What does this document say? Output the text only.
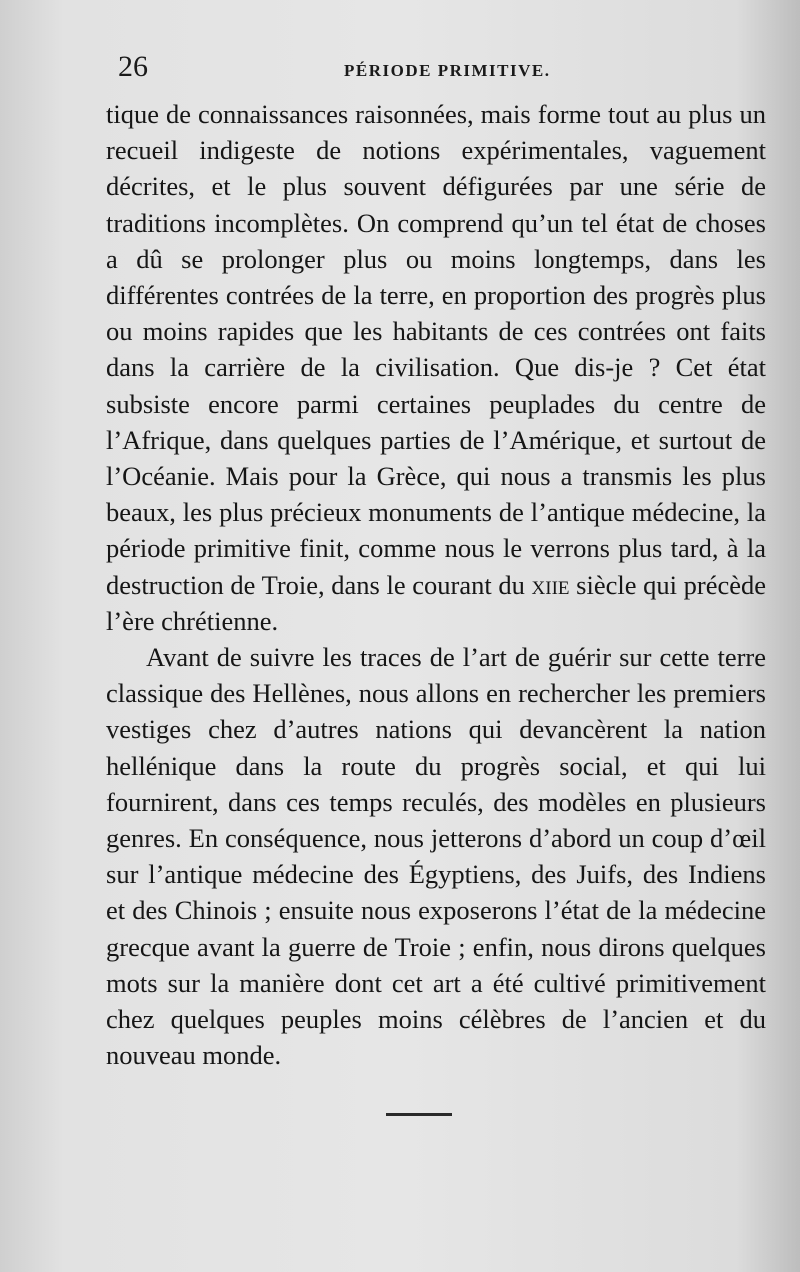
26	PÉRIODE PRIMITIVE.

tique de connaissances raisonnées, mais forme tout au plus un recueil indigeste de notions expérimentales, vaguement décrites, et le plus souvent défigurées par une série de traditions incomplètes. On comprend qu’un tel état de choses a dû se prolonger plus ou moins longtemps, dans les différentes contrées de la terre, en proportion des progrès plus ou moins rapides que les habitants de ces contrées ont faits dans la carrière de la civilisation. Que dis-je ? Cet état subsiste encore parmi certaines peuplades du centre de l’Afrique, dans quelques parties de l’Amérique, et surtout de l’Océanie. Mais pour la Grèce, qui nous a transmis les plus beaux, les plus précieux monuments de l’antique médecine, la période primitive finit, comme nous le verrons plus tard, à la destruction de Troie, dans le courant du xiie siècle qui précède l’ère chrétienne.

Avant de suivre les traces de l’art de guérir sur cette terre classique des Hellènes, nous allons en rechercher les premiers vestiges chez d’autres nations qui devancèrent la nation hellénique dans la route du progrès social, et qui lui fournirent, dans ces temps reculés, des modèles en plusieurs genres. En conséquence, nous jetterons d’abord un coup d’œil sur l’antique médecine des Égyptiens, des Juifs, des Indiens et des Chinois ; ensuite nous exposerons l’état de la médecine grecque avant la guerre de Troie ; enfin, nous dirons quelques mots sur la manière dont cet art a été cultivé primitivement chez quelques peuples moins célèbres de l’ancien et du nouveau monde.
